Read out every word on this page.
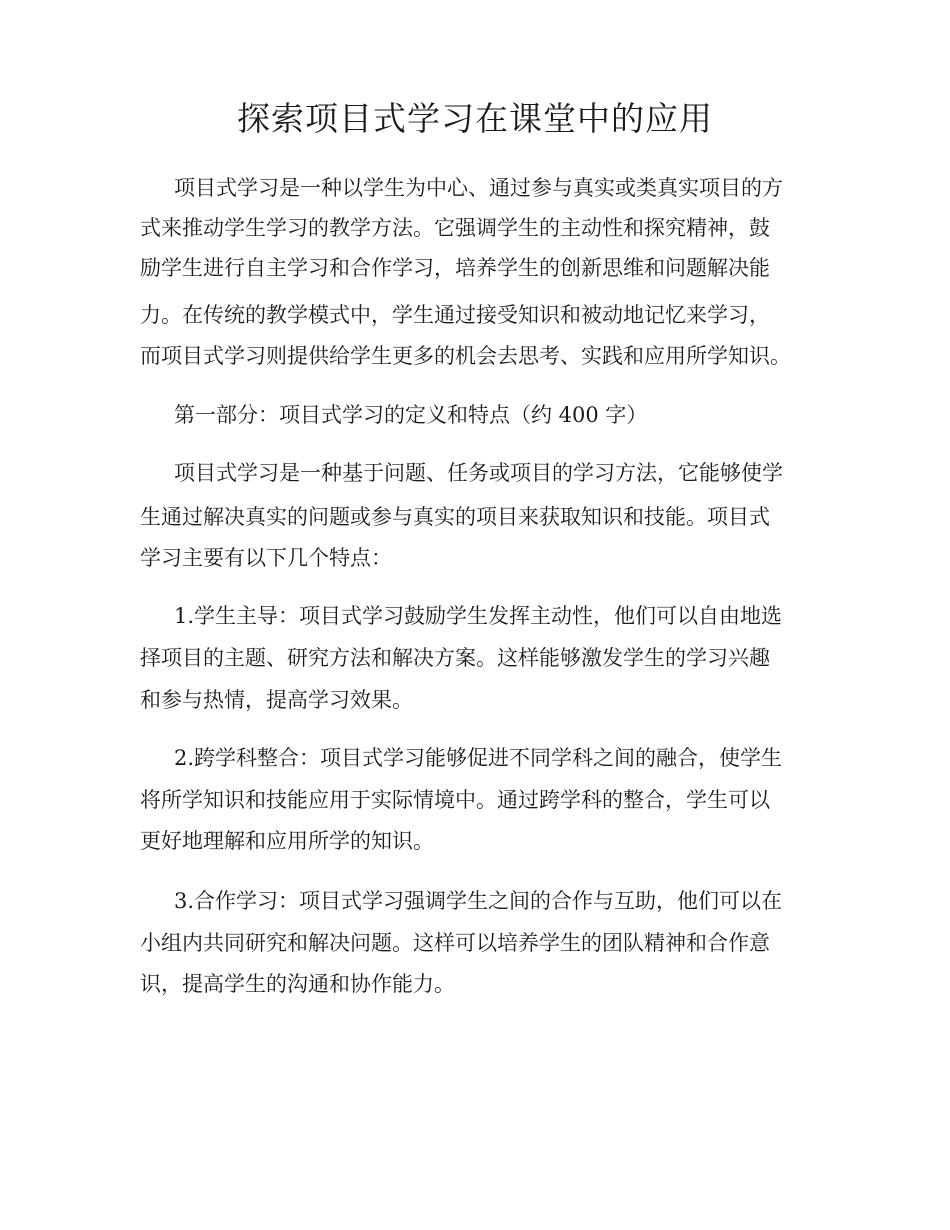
探索项目式学习在课堂中的应用

项目式学习是一种以学生为中心、通过参与真实或类真实项目的方

式来推动学生学习的教学方法。它强调学生的主动性和探究精神，鼓

励学生进行自主学习和合作学习，培养学生的创新思维和问题解决能

力。在传统的教学模式中，学生通过接受知识和被动地记忆来学习，

而项目式学习则提供给学生更多的机会去思考、实践和应用所学知识。

第一部分：项目式学习的定义和特点（约 400 字）

项目式学习是一种基于问题、任务或项目的学习方法，它能够使学

生通过解决真实的问题或参与真实的项目来获取知识和技能。项目式

学习主要有以下几个特点：

1.学生主导：项目式学习鼓励学生发挥主动性，他们可以自由地选

择项目的主题、研究方法和解决方案。这样能够激发学生的学习兴趣

和参与热情，提高学习效果。

2.跨学科整合：项目式学习能够促进不同学科之间的融合，使学生

将所学知识和技能应用于实际情境中。通过跨学科的整合，学生可以

更好地理解和应用所学的知识。

3.合作学习：项目式学习强调学生之间的合作与互助，他们可以在

小组内共同研究和解决问题。这样可以培养学生的团队精神和合作意

识，提高学生的沟通和协作能力。
